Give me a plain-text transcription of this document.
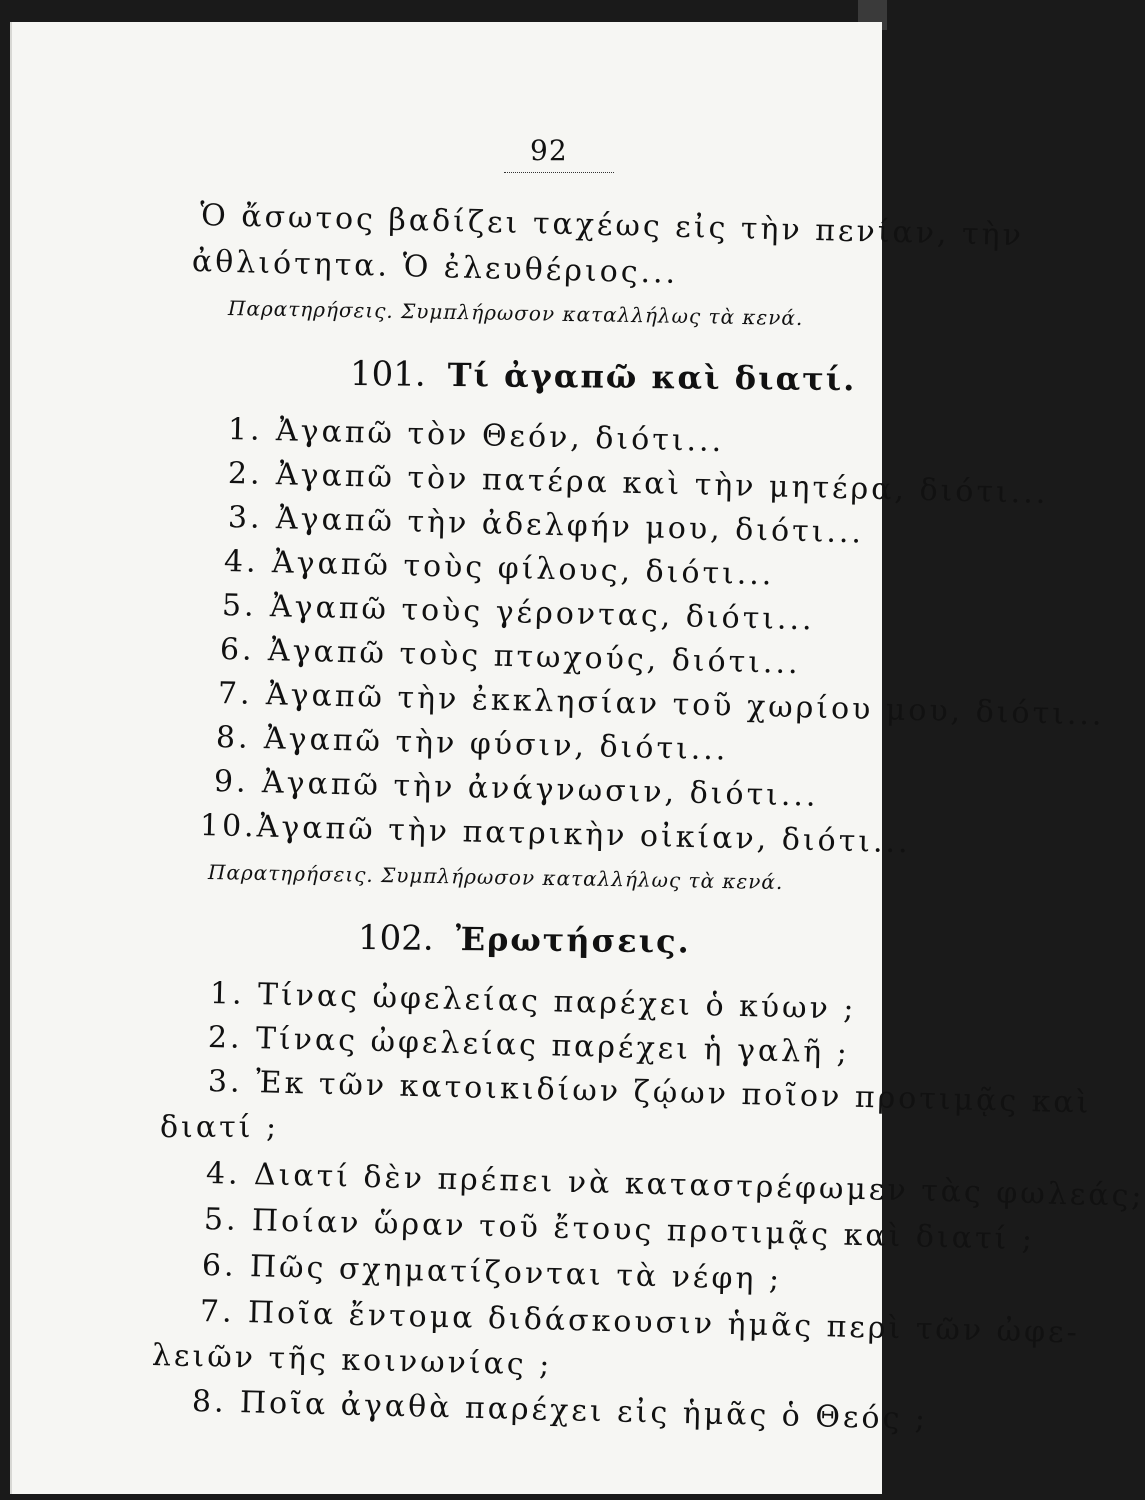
92
Ὁ ἄσωτος βαδίζει ταχέως εἰς τὴν πενίαν, τὴν
ἀθλιότητα. Ὁ ἐλευθέριος...
Παρατηρήσεις. Συμπλήρωσον καταλλήλως τὰ κενά.
101. Τί ἀγαπῶ καὶ διατί.
1. Ἀγαπῶ τὸν Θεόν, διότι...
2. Ἀγαπῶ τὸν πατέρα καὶ τὴν μητέρα, διότι...
3. Ἀγαπῶ τὴν ἀδελφήν μου, διότι...
4. Ἀγαπῶ τοὺς φίλους, διότι...
5. Ἀγαπῶ τοὺς γέροντας, διότι...
6. Ἀγαπῶ τοὺς πτωχούς, διότι...
7. Ἀγαπῶ τὴν ἐκκλησίαν τοῦ χωρίου μου, διότι...
8. Ἀγαπῶ τὴν φύσιν, διότι...
9. Ἀγαπῶ τὴν ἀνάγνωσιν, διότι...
10.Ἀγαπῶ τὴν πατρικὴν οἰκίαν, διότι...
Παρατηρήσεις. Συμπλήρωσον καταλλήλως τὰ κενά.
102. Ἐρωτήσεις.
1. Τίνας ὠφελείας παρέχει ὁ κύων ;
2. Τίνας ὠφελείας παρέχει ἡ γαλῆ ;
3. Ἐκ τῶν κατοικιδίων ζῴων ποῖον προτιμᾷς καὶ
διατί ;
4. Διατί δὲν πρέπει νὰ καταστρέφωμεν τὰς φωλεάς;
5. Ποίαν ὥραν τοῦ ἔτους προτιμᾷς καὶ διατί ;
6. Πῶς σχηματίζονται τὰ νέφη ;
7. Ποῖα ἔντομα διδάσκουσιν ἡμᾶς περὶ τῶν ὠφε-
λειῶν τῆς κοινωνίας ;
8. Ποῖα ἀγαθὰ παρέχει εἰς ἡμᾶς ὁ Θεός ;
